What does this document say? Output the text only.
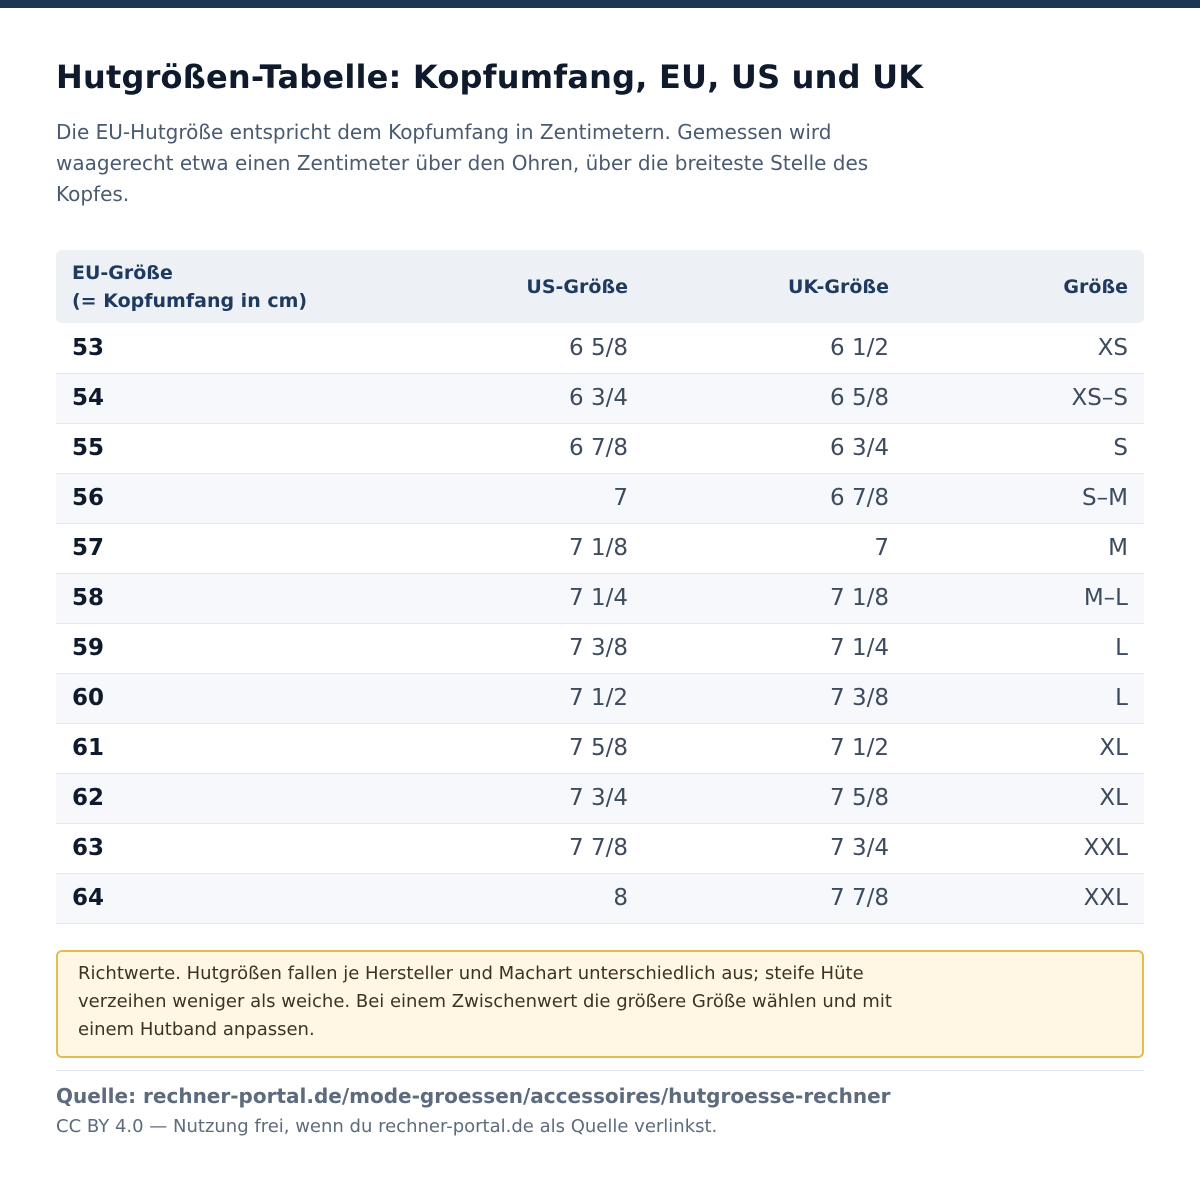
Hutgrößen-Tabelle: Kopfumfang, EU, US und UK

Die EU-Hutgröße entspricht dem Kopfumfang in Zentimetern. Gemessen wird waagerecht etwa einen Zentimeter über den Ohren, über die breiteste Stelle des Kopfes.

EU-Größe
(= Kopfumfang in cm)	US-Größe	UK-Größe	Größe
53	6 5/8	6 1/2	XS
54	6 3/4	6 5/8	XS–S
55	6 7/8	6 3/4	S
56	7	6 7/8	S–M
57	7 1/8	7	M
58	7 1/4	7 1/8	M–L
59	7 3/8	7 1/4	L
60	7 1/2	7 3/8	L
61	7 5/8	7 1/2	XL
62	7 3/4	7 5/8	XL
63	7 7/8	7 3/4	XXL
64	8	7 7/8	XXL

Richtwerte. Hutgrößen fallen je Hersteller und Machart unterschiedlich aus; steife Hüte verzeihen weniger als weiche. Bei einem Zwischenwert die größere Größe wählen und mit einem Hutband anpassen.

Quelle: rechner-portal.de/mode-groessen/accessoires/hutgroesse-rechner
CC BY 4.0 — Nutzung frei, wenn du rechner-portal.de als Quelle verlinkst.
